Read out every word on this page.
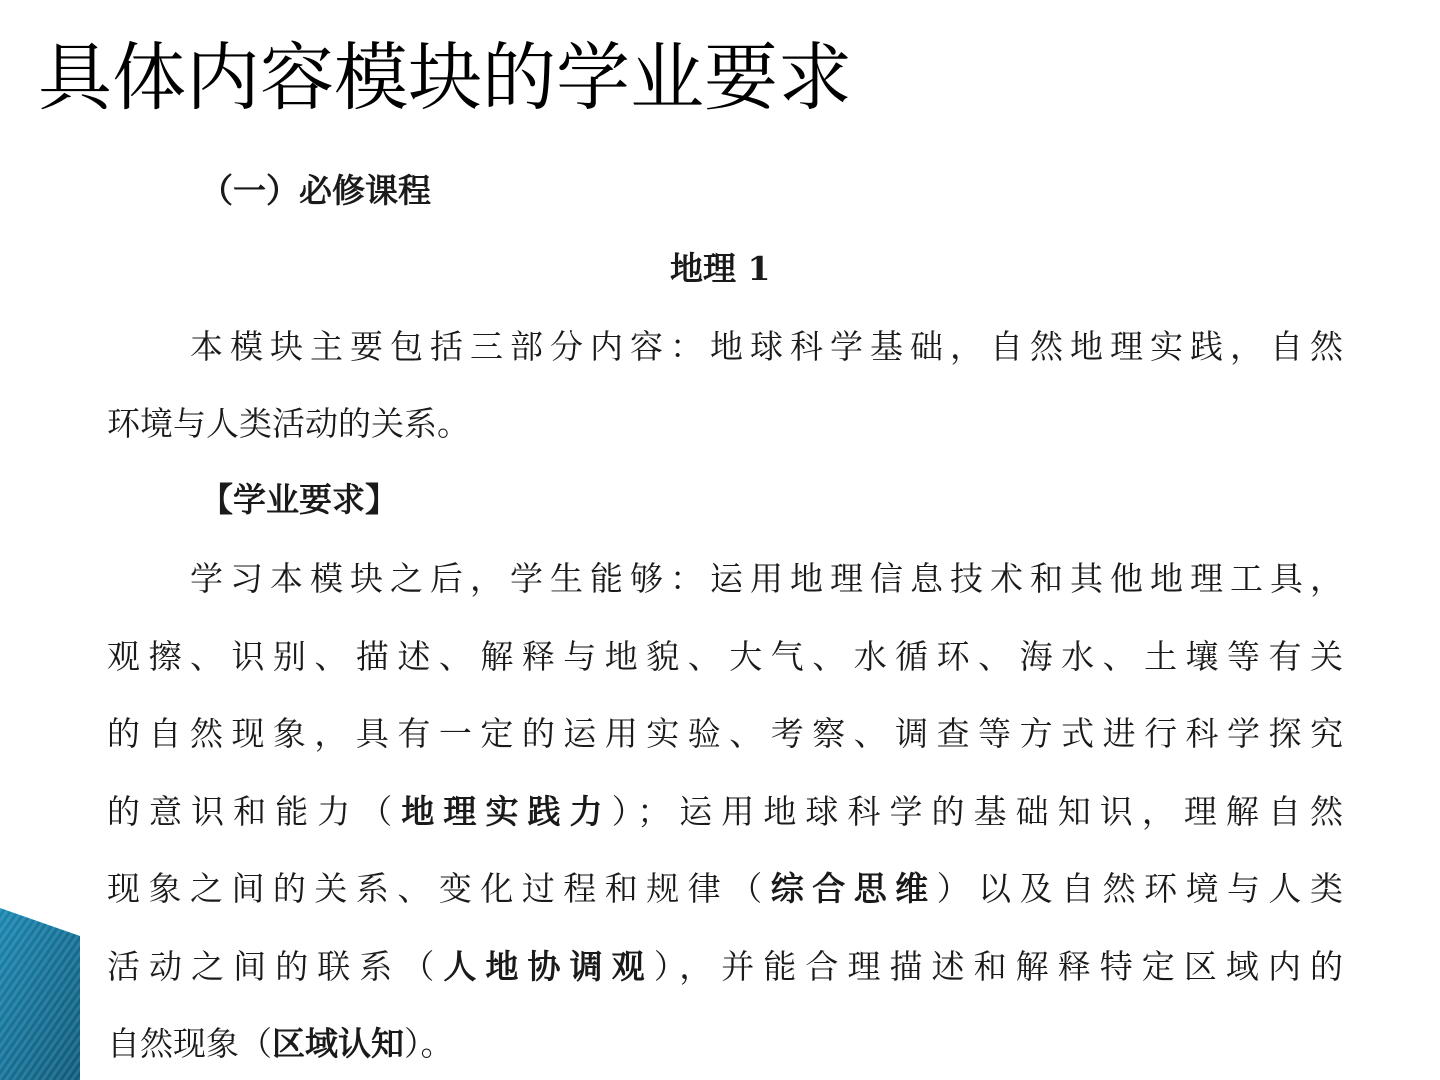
具体内容模块的学业要求
（一）必修课程
地理 1
本模块主要包括三部分内容：地球科学基础，自然地理实践，自然
环境与人类活动的关系。
【学业要求】
学习本模块之后，学生能够：运用地理信息技术和其他地理工具，
观擦、识别、描述、解释与地貌、大气、水循环、海水、土壤等有关
的自然现象，具有一定的运用实验、考察、调查等方式进行科学探究
的意识和能力（地理实践力）；运用地球科学的基础知识，理解自然
现象之间的关系、变化过程和规律（综合思维）以及自然环境与人类
活动之间的联系（人地协调观），并能合理描述和解释特定区域内的
自然现象（区域认知）。
